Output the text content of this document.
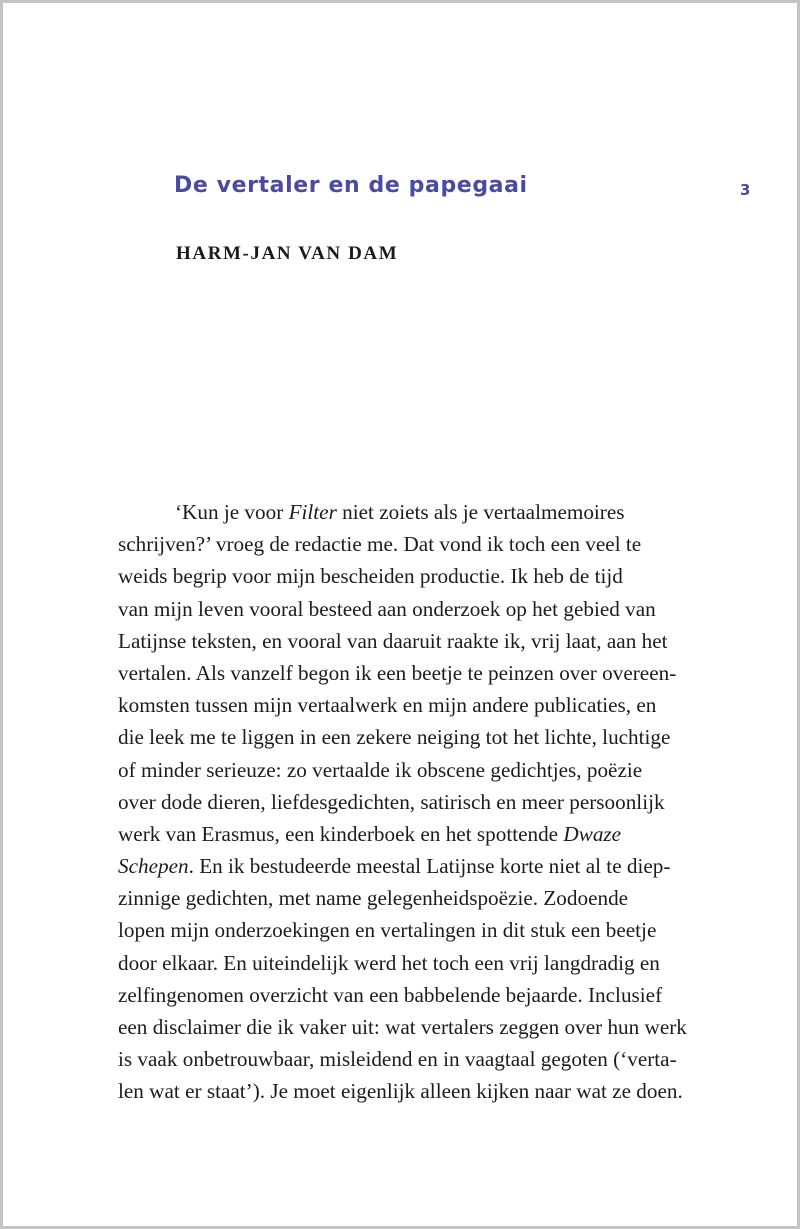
De vertaler en de papegaai	3
HARM-JAN VAN DAM
‘Kun je voor Filter niet zoiets als je vertaalmemoires
schrijven?’ vroeg de redactie me. Dat vond ik toch een veel te
weids begrip voor mijn bescheiden productie. Ik heb de tijd
van mijn leven vooral besteed aan onderzoek op het gebied van
Latijnse teksten, en vooral van daaruit raakte ik, vrij laat, aan het
vertalen. Als vanzelf begon ik een beetje te peinzen over overeen-
komsten tussen mijn vertaalwerk en mijn andere publicaties, en
die leek me te liggen in een zekere neiging tot het lichte, luchtige
of minder serieuze: zo vertaalde ik obscene gedichtjes, poëzie
over dode dieren, liefdesgedichten, satirisch en meer persoonlijk
werk van Erasmus, een kinderboek en het spottende Dwaze
Schepen. En ik bestudeerde meestal Latijnse korte niet al te diep-
zinnige gedichten, met name gelegenheidspoëzie. Zodoende
lopen mijn onderzoekingen en vertalingen in dit stuk een beetje
door elkaar. En uiteindelijk werd het toch een vrij langdradig en
zelfingenomen overzicht van een babbelende bejaarde. Inclusief
een disclaimer die ik vaker uit: wat vertalers zeggen over hun werk
is vaak onbetrouwbaar, misleidend en in vaagtaal gegoten (‘verta-
len wat er staat’). Je moet eigenlijk alleen kijken naar wat ze doen.
